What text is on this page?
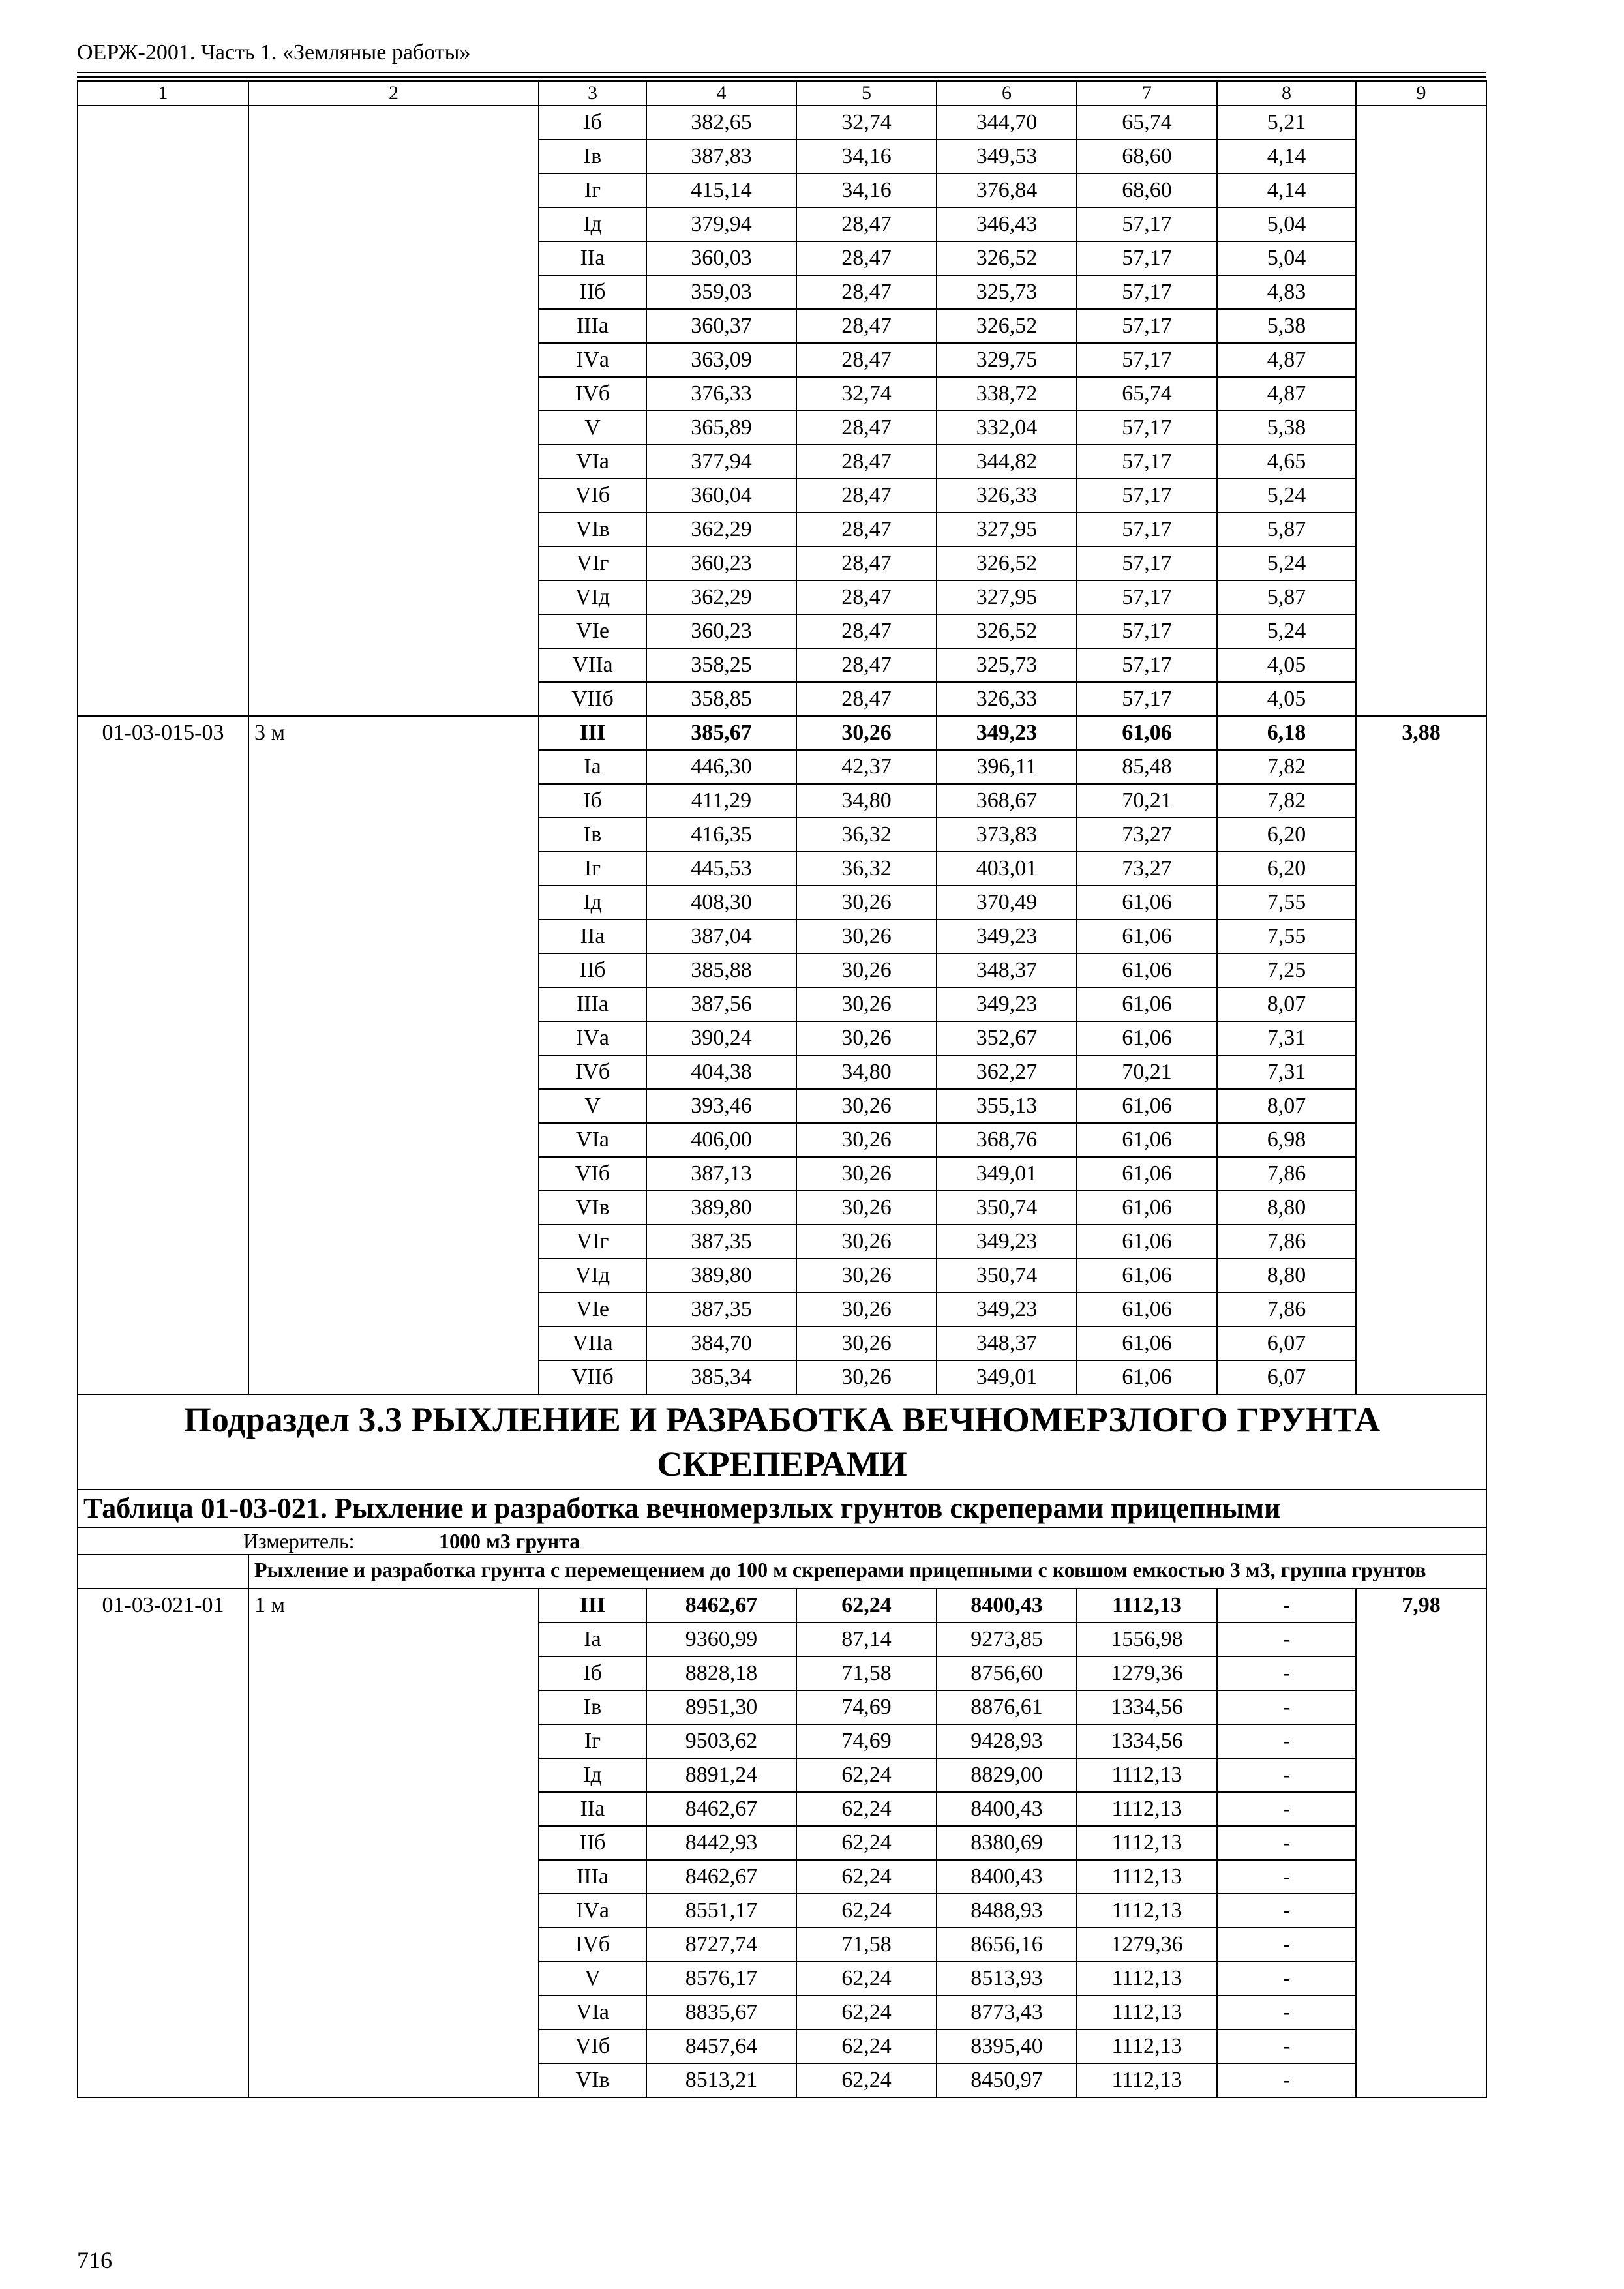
ОЕРЖ-2001. Часть 1. «Земляные работы»
1	2	3	4	5	6	7	8	9
		Iб	382,65	32,74	344,70	65,74	5,21	
		Iв	387,83	34,16	349,53	68,60	4,14	
		Iг	415,14	34,16	376,84	68,60	4,14	
		Iд	379,94	28,47	346,43	57,17	5,04	
		IIа	360,03	28,47	326,52	57,17	5,04	
		IIб	359,03	28,47	325,73	57,17	4,83	
		IIIа	360,37	28,47	326,52	57,17	5,38	
		IVа	363,09	28,47	329,75	57,17	4,87	
		IVб	376,33	32,74	338,72	65,74	4,87	
		V	365,89	28,47	332,04	57,17	5,38	
		VIа	377,94	28,47	344,82	57,17	4,65	
		VIб	360,04	28,47	326,33	57,17	5,24	
		VIв	362,29	28,47	327,95	57,17	5,87	
		VIг	360,23	28,47	326,52	57,17	5,24	
		VIд	362,29	28,47	327,95	57,17	5,87	
		VIе	360,23	28,47	326,52	57,17	5,24	
		VIIа	358,25	28,47	325,73	57,17	4,05	
		VIIб	358,85	28,47	326,33	57,17	4,05	
01-03-015-03	3 м	III	385,67	30,26	349,23	61,06	6,18	3,88
		Iа	446,30	42,37	396,11	85,48	7,82	
		Iб	411,29	34,80	368,67	70,21	7,82	
		Iв	416,35	36,32	373,83	73,27	6,20	
		Iг	445,53	36,32	403,01	73,27	6,20	
		Iд	408,30	30,26	370,49	61,06	7,55	
		IIа	387,04	30,26	349,23	61,06	7,55	
		IIб	385,88	30,26	348,37	61,06	7,25	
		IIIа	387,56	30,26	349,23	61,06	8,07	
		IVа	390,24	30,26	352,67	61,06	7,31	
		IVб	404,38	34,80	362,27	70,21	7,31	
		V	393,46	30,26	355,13	61,06	8,07	
		VIа	406,00	30,26	368,76	61,06	6,98	
		VIб	387,13	30,26	349,01	61,06	7,86	
		VIв	389,80	30,26	350,74	61,06	8,80	
		VIг	387,35	30,26	349,23	61,06	7,86	
		VIд	389,80	30,26	350,74	61,06	8,80	
		VIе	387,35	30,26	349,23	61,06	7,86	
		VIIа	384,70	30,26	348,37	61,06	6,07	
		VIIб	385,34	30,26	349,01	61,06	6,07	
Подраздел 3.3 РЫХЛЕНИЕ И РАЗРАБОТКА ВЕЧНОМЕРЗЛОГО ГРУНТА СКРЕПЕРАМИ								
Таблица 01-03-021. Рыхление и разработка вечномерзлых грунтов скреперами прицепными								
Измеритель: 1000 м3 грунта								
	Рыхление и разработка грунта с перемещением до 100 м скреперами прицепными с ковшом емкостью 3 м3, группа грунтов							
01-03-021-01	1 м	III	8462,67	62,24	8400,43	1112,13	-	7,98
		Iа	9360,99	87,14	9273,85	1556,98	-	
		Iб	8828,18	71,58	8756,60	1279,36	-	
		Iв	8951,30	74,69	8876,61	1334,56	-	
		Iг	9503,62	74,69	9428,93	1334,56	-	
		Iд	8891,24	62,24	8829,00	1112,13	-	
		IIа	8462,67	62,24	8400,43	1112,13	-	
		IIб	8442,93	62,24	8380,69	1112,13	-	
		IIIа	8462,67	62,24	8400,43	1112,13	-	
		IVа	8551,17	62,24	8488,93	1112,13	-	
		IVб	8727,74	71,58	8656,16	1279,36	-	
		V	8576,17	62,24	8513,93	1112,13	-	
		VIа	8835,67	62,24	8773,43	1112,13	-	
		VIб	8457,64	62,24	8395,40	1112,13	-	
		VIв	8513,21	62,24	8450,97	1112,13	-	
716
